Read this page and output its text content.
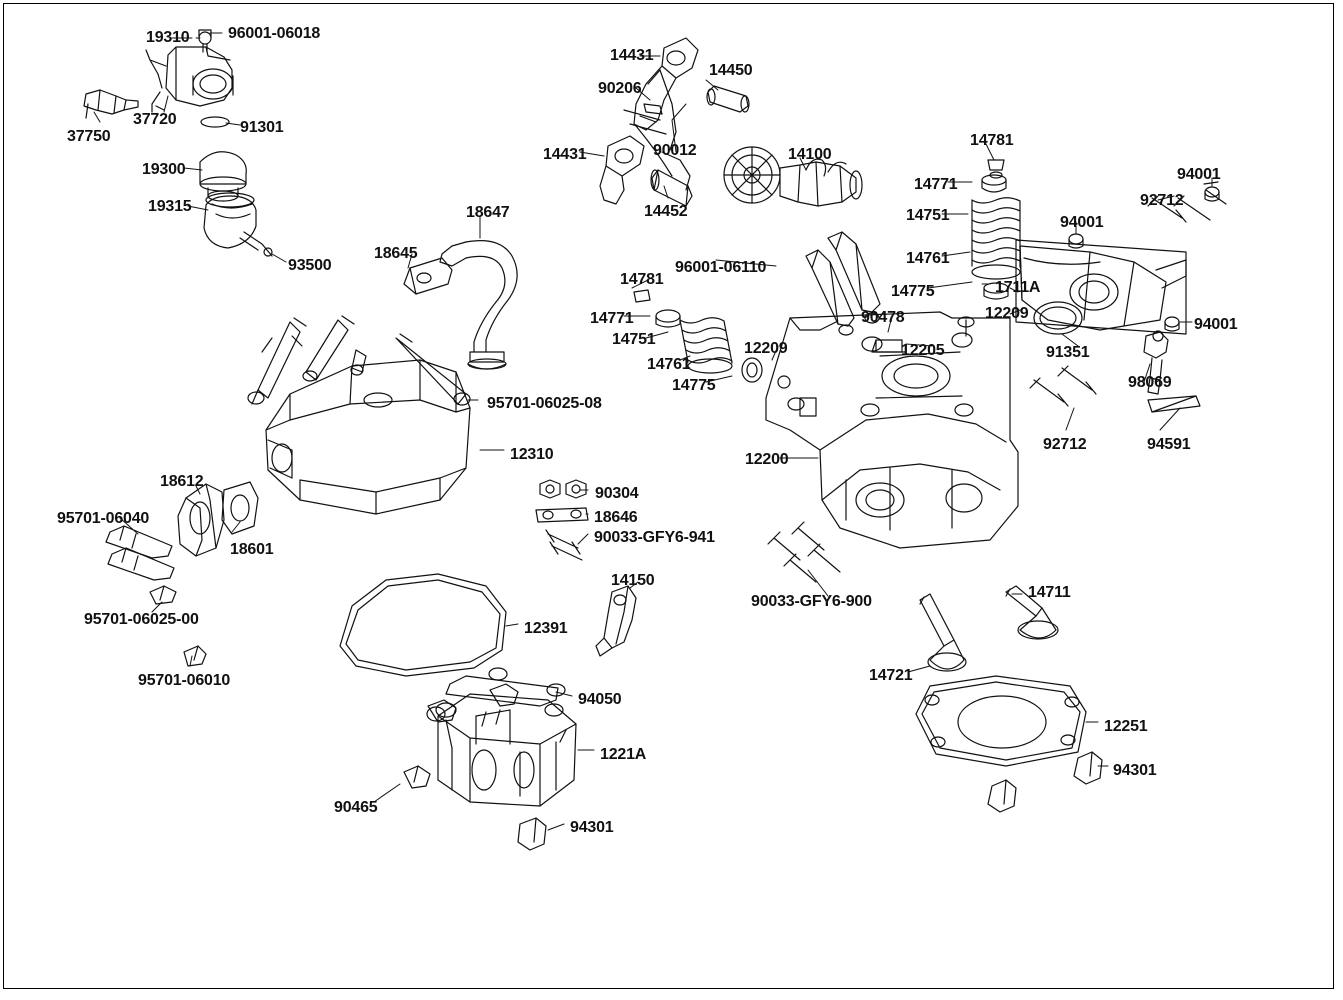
19310 96001-06018
14431
14450
90206
37720	91301
37750
14431	90012	14100
14781
19300	94001
14771
92712
19315	14452	14751
18647
94001
18645
93500	14761
96001-06110
14781
14775	1711A
14771	12209
90478	94001
14751
12205
12209	91351
14761
98069
14775
95701-06025-08
92712	94591
12310	12200
18612
90304
95701-06040	18646
90033-GFY6-941
18601
14150
95701-06025-00
12391
14711
90033-GFY6-900
95701-06010	14721
94050
12251
1221A
94301
90465
94301
